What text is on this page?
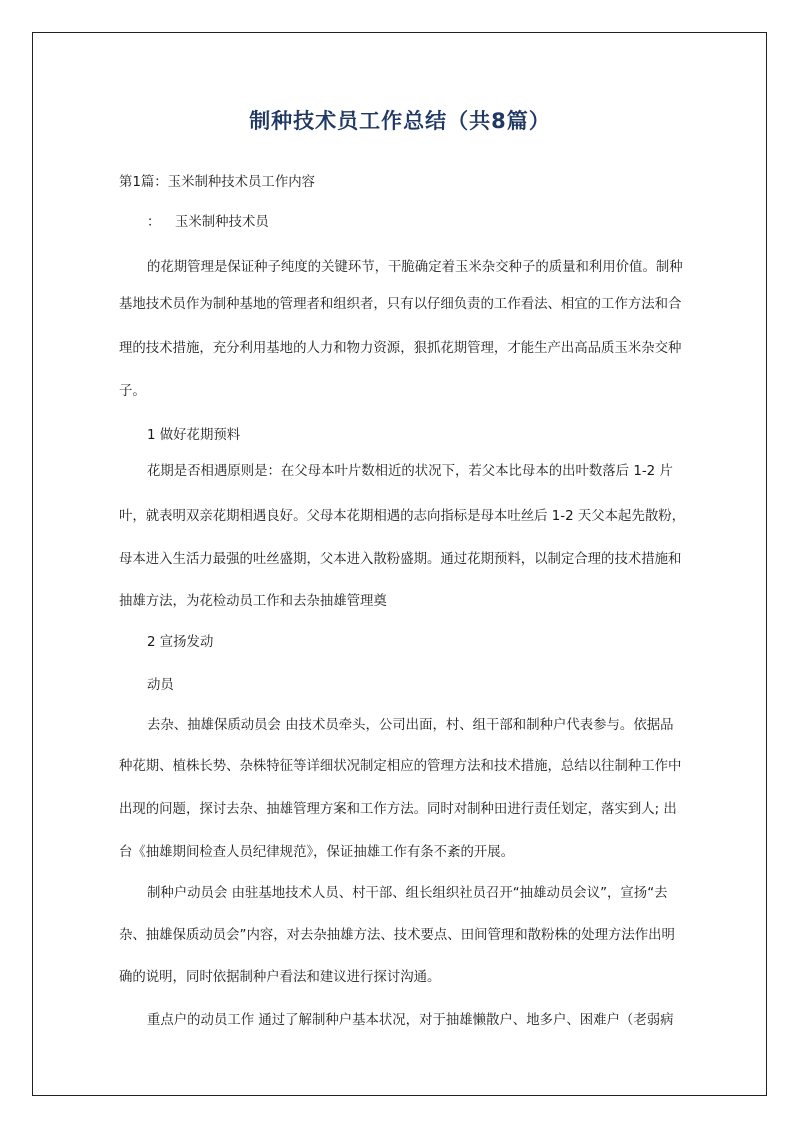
制种技术员工作总结（共8篇）
第1篇：玉米制种技术员工作内容
：	玉米制种技术员
的花期管理是保证种子纯度的关键环节，干脆确定着玉米杂交种子的质量和利用价值。制种
基地技术员作为制种基地的管理者和组织者，只有以仔细负责的工作看法、相宜的工作方法和合
理的技术措施，充分利用基地的人力和物力资源，狠抓花期管理，才能生产出高品质玉米杂交种
子。
1 做好花期预料
花期是否相遇原则是：在父母本叶片数相近的状况下，若父本比母本的出叶数落后 1-2 片
叶，就表明双亲花期相遇良好。父母本花期相遇的志向指标是母本吐丝后 1-2 天父本起先散粉，
母本进入生活力最强的吐丝盛期，父本进入散粉盛期。通过花期预料，以制定合理的技术措施和
抽雄方法，为花检动员工作和去杂抽雄管理奠
2 宣扬发动
动员
去杂、抽雄保质动员会 由技术员牵头，公司出面，村、组干部和制种户代表参与。依据品
种花期、植株长势、杂株特征等详细状况制定相应的管理方法和技术措施，总结以往制种工作中
出现的问题，探讨去杂、抽雄管理方案和工作方法。同时对制种田进行责任划定，落实到人; 出
台《抽雄期间检查人员纪律规范》，保证抽雄工作有条不紊的开展。
制种户动员会 由驻基地技术人员、村干部、组长组织社员召开“抽雄动员会议”，宣扬“去
杂、抽雄保质动员会”内容，对去杂抽雄方法、技术要点、田间管理和散粉株的处理方法作出明
确的说明，同时依据制种户看法和建议进行探讨沟通。
重点户的动员工作 通过了解制种户基本状况，对于抽雄懒散户、地多户、困难户（老弱病
